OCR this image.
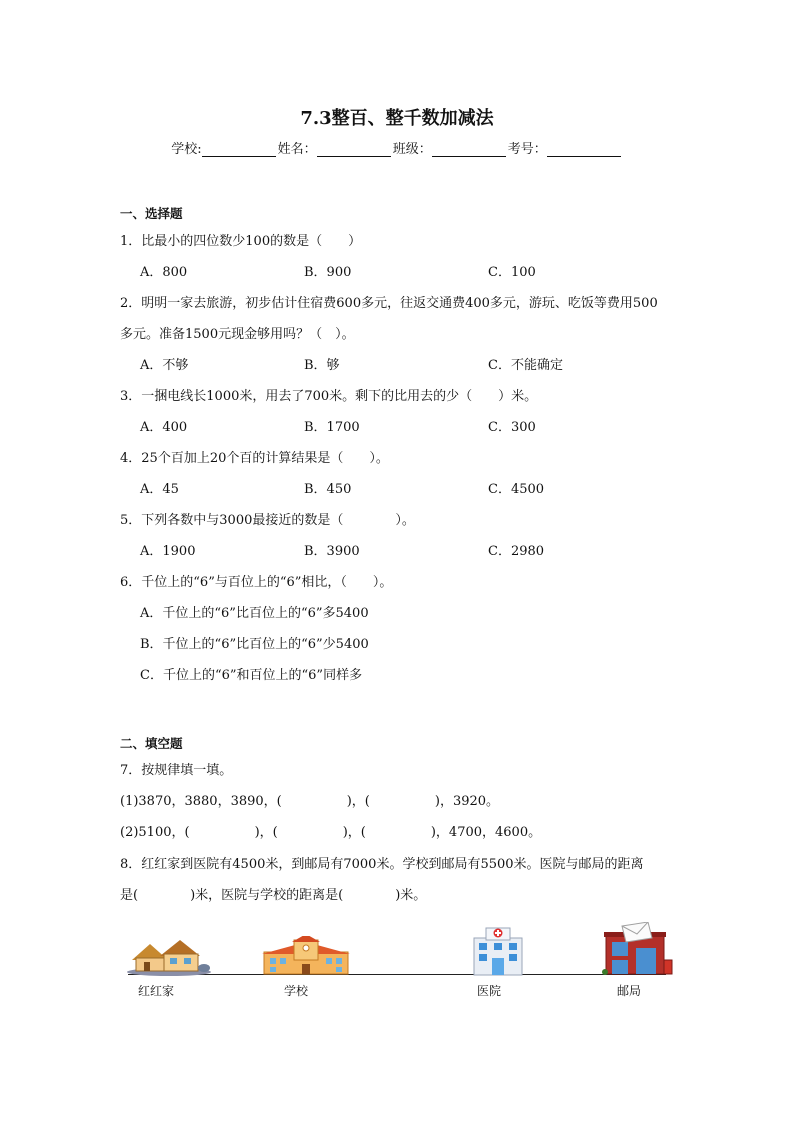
7.3整百、整千数加减法
学校:	姓名：	班级：	考号：
一、选择题
1．比最小的四位数少100的数是（　　）
A．800	B．900	C．100
2．明明一家去旅游，初步估计住宿费600多元，往返交通费400多元，游玩、吃饭等费用500
多元。准备1500元现金够用吗？（　）。
A．不够	B．够	C．不能确定
3．一捆电线长1000米，用去了700米。剩下的比用去的少（　　）米。
A．400	B．1700	C．300
4．25个百加上20个百的计算结果是（　　）。
A．45	B．450	C．4500
5．下列各数中与3000最接近的数是（　　　　）。
A．1900	B．3900	C．2980
6．千位上的“6”与百位上的“6”相比，（　　）。
A．千位上的“6”比百位上的“6”多5400
B．千位上的“6”比百位上的“6”少5400
C．千位上的“6”和百位上的“6”同样多
二、填空题
7．按规律填一填。
(1)3870，3880，3890，(　　　　　)，(　　　　　)，3920。
(2)5100，(　　　　　)，(　　　　　)，(　　　　　)，4700，4600。
8．红红家到医院有4500米，到邮局有7000米。学校到邮局有5500米。医院与邮局的距离
是(　　　　)米，医院与学校的距离是(　　　　)米。
红红家	学校	医院	邮局
